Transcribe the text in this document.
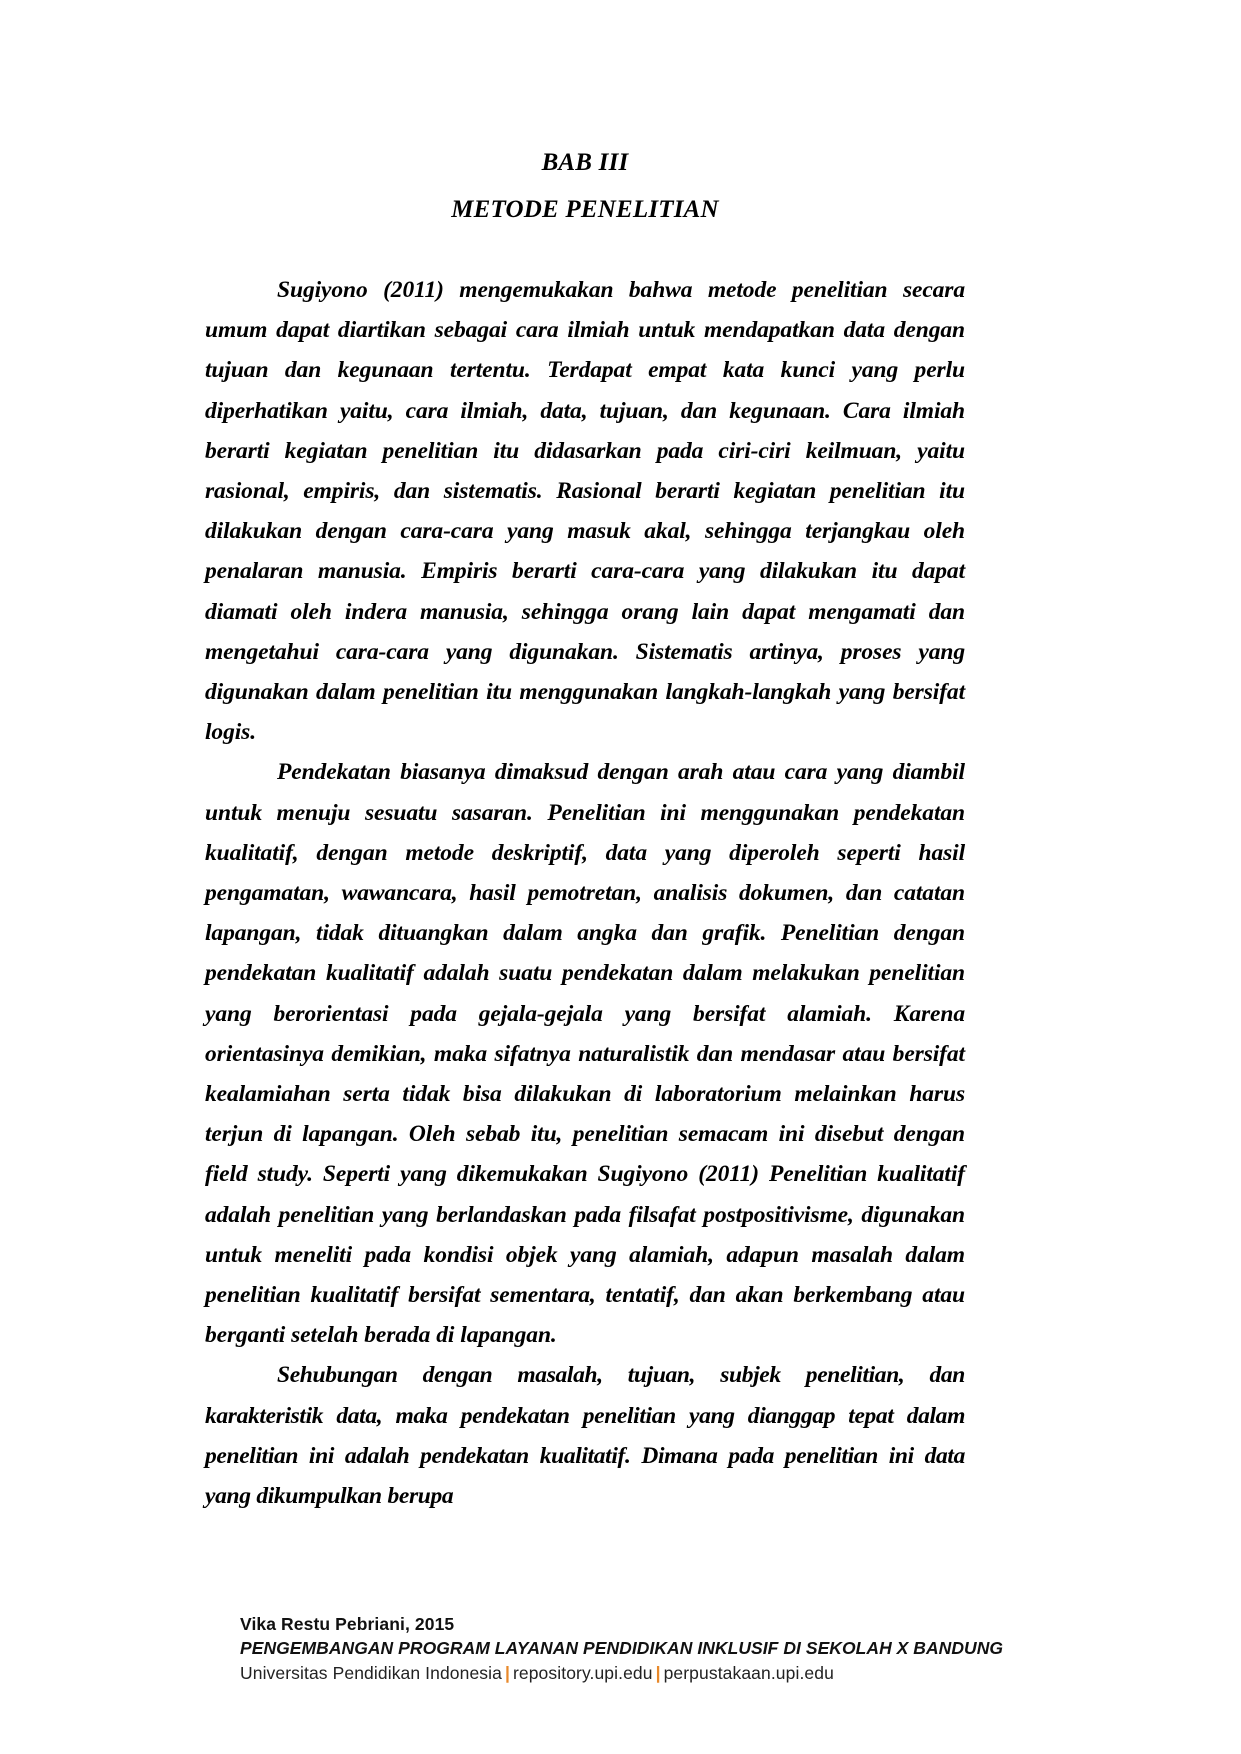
BAB III
METODE PENELITIAN

Sugiyono (2011) mengemukakan bahwa metode penelitian secara umum dapat diartikan sebagai cara ilmiah untuk mendapatkan data dengan tujuan dan kegunaan tertentu. Terdapat empat kata kunci yang perlu diperhatikan yaitu, cara ilmiah, data, tujuan, dan kegunaan. Cara ilmiah berarti kegiatan penelitian itu didasarkan pada ciri-ciri keilmuan, yaitu rasional, empiris, dan sistematis. Rasional berarti kegiatan penelitian itu dilakukan dengan cara-cara yang masuk akal, sehingga terjangkau oleh penalaran manusia. Empiris berarti cara-cara yang dilakukan itu dapat diamati oleh indera manusia, sehingga orang lain dapat mengamati dan mengetahui cara-cara yang digunakan. Sistematis artinya, proses yang digunakan dalam penelitian itu menggunakan langkah-langkah yang bersifat logis.

Pendekatan biasanya dimaksud dengan arah atau cara yang diambil untuk menuju sesuatu sasaran. Penelitian ini menggunakan pendekatan kualitatif, dengan metode deskriptif, data yang diperoleh seperti hasil pengamatan, wawancara, hasil pemotretan, analisis dokumen, dan catatan lapangan, tidak dituangkan dalam angka dan grafik. Penelitian dengan pendekatan kualitatif adalah suatu pendekatan dalam melakukan penelitian yang berorientasi pada gejala-gejala yang bersifat alamiah. Karena orientasinya demikian, maka sifatnya naturalistik dan mendasar atau bersifat kealamiahan serta tidak bisa dilakukan di laboratorium melainkan harus terjun di lapangan. Oleh sebab itu, penelitian semacam ini disebut dengan field study. Seperti yang dikemukakan Sugiyono (2011) Penelitian kualitatif adalah penelitian yang berlandaskan pada filsafat postpositivisme, digunakan untuk meneliti pada kondisi objek yang alamiah, adapun masalah dalam penelitian kualitatif bersifat sementara, tentatif, dan akan berkembang atau berganti setelah berada di lapangan.

Sehubungan dengan masalah, tujuan, subjek penelitian, dan karakteristik data, maka pendekatan penelitian yang dianggap tepat dalam penelitian ini adalah pendekatan kualitatif. Dimana pada penelitian ini data yang dikumpulkan berupa

Vika Restu Pebriani, 2015
PENGEMBANGAN PROGRAM LAYANAN PENDIDIKAN INKLUSIF DI SEKOLAH X BANDUNG
Universitas Pendidikan Indonesia | repository.upi.edu | perpustakaan.upi.edu
